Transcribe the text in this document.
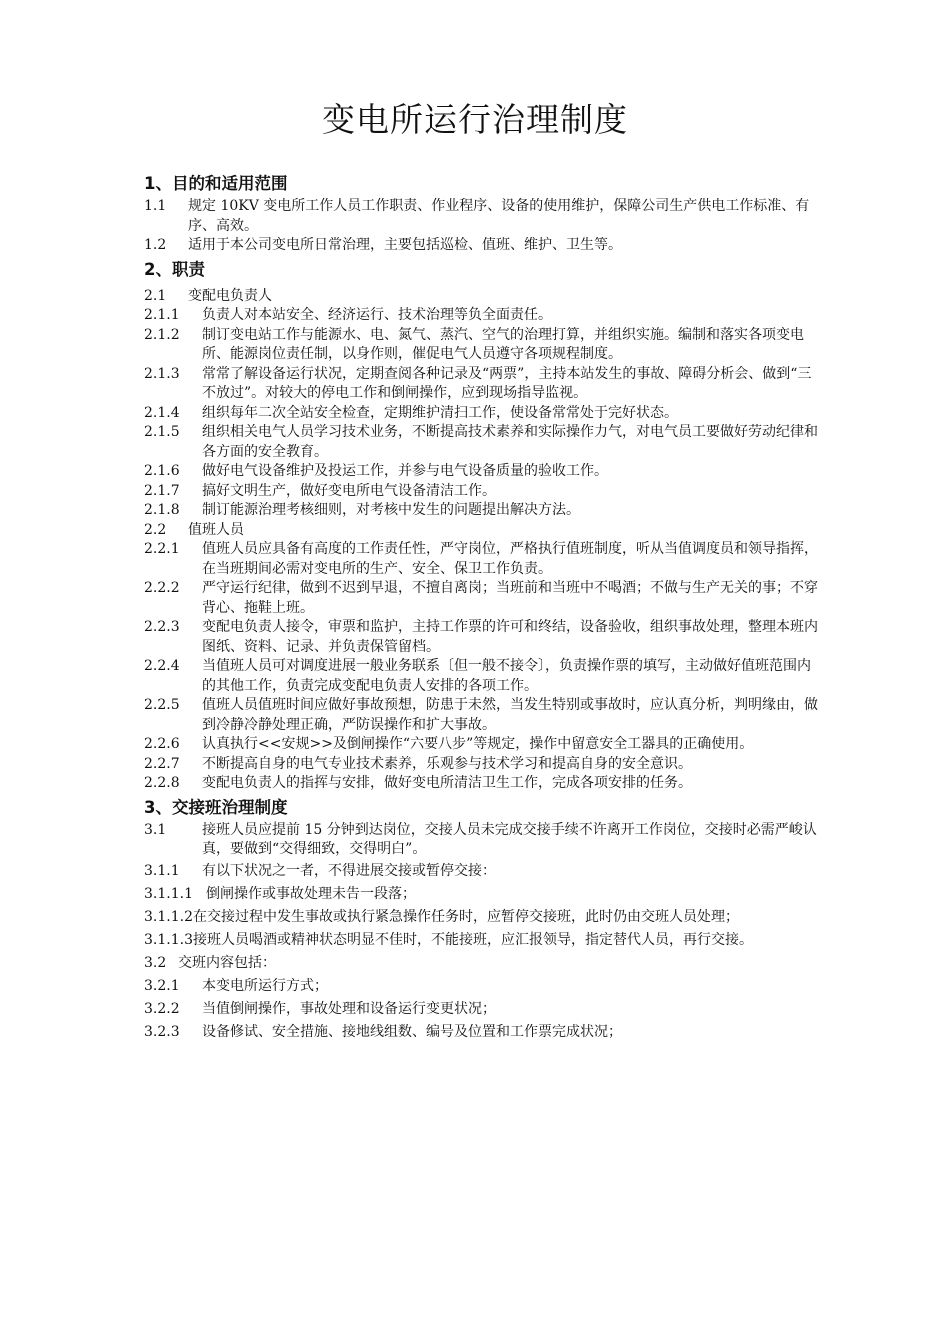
变电所运行治理制度
1、目的和适用范围
1.1	规定 10KV 变电所工作人员工作职责、作业程序、设备的使用维护，保障公司生产供电工作标准、有序、高效。
1.2	适用于本公司变电所日常治理，主要包括巡检、值班、维护、卫生等。
2、职责
2.1	变配电负责人
2.1.1	负责人对本站安全、经济运行、技术治理等负全面责任。
2.1.2	制订变电站工作与能源水、电、氮气、蒸汽、空气的治理打算，并组织实施。编制和落实各项变电所、能源岗位责任制，以身作则，催促电气人员遵守各项规程制度。
2.1.3	常常了解设备运行状况，定期查阅各种记录及“两票”，主持本站发生的事故、障碍分析会、做到“三不放过”。对较大的停电工作和倒闸操作，应到现场指导监视。
2.1.4	组织每年二次全站安全检查，定期维护清扫工作，使设备常常处于完好状态。
2.1.5	组织相关电气人员学习技术业务，不断提高技术素养和实际操作力气，对电气员工要做好劳动纪律和各方面的安全教育。
2.1.6	做好电气设备维护及投运工作，并参与电气设备质量的验收工作。
2.1.7	搞好文明生产，做好变电所电气设备清洁工作。
2.1.8	制订能源治理考核细则，对考核中发生的问题提出解决方法。
2.2	值班人员
2.2.1	值班人员应具备有高度的工作责任性，严守岗位，严格执行值班制度，听从当值调度员和领导指挥，在当班期间必需对变电所的生产、安全、保卫工作负责。
2.2.2	严守运行纪律，做到不迟到早退，不擅自离岗；当班前和当班中不喝酒；不做与生产无关的事；不穿背心、拖鞋上班。
2.2.3	变配电负责人接令，审票和监护，主持工作票的许可和终结，设备验收，组织事故处理，整理本班内图纸、资料、记录、并负责保管留档。
2.2.4	当值班人员可对调度进展一般业务联系〔但一般不接令〕，负责操作票的填写，主动做好值班范围内的其他工作，负责完成变配电负责人安排的各项工作。
2.2.5	值班人员值班时间应做好事故预想，防患于未然，当发生特别或事故时，应认真分析，判明缘由，做到冷静冷静处理正确，严防误操作和扩大事故。
2.2.6	认真执行<<安规>>及倒闸操作“六要八步”等规定，操作中留意安全工器具的正确使用。
2.2.7	不断提高自身的电气专业技术素养，乐观参与技术学习和提高自身的安全意识。
2.2.8	变配电负责人的指挥与安排，做好变电所清洁卫生工作，完成各项安排的任务。
3、交接班治理制度
3.1	接班人员应提前 15 分钟到达岗位，交接人员未完成交接手续不许离开工作岗位，交接时必需严峻认真，要做到“交得细致，交得明白”。
3.1.1	有以下状况之一者，不得进展交接或暂停交接：
3.1.1.1 倒闸操作或事故处理未告一段落；
3.1.1.2在交接过程中发生事故或执行紧急操作任务时，应暂停交接班，此时仍由交班人员处理；
3.1.1.3接班人员喝酒或精神状态明显不佳时，不能接班，应汇报领导，指定替代人员，再行交接。
3.2 交班内容包括：
3.2.1	本变电所运行方式；
3.2.2	当值倒闸操作，事故处理和设备运行变更状况；
3.2.3	设备修试、安全措施、接地线组数、编号及位置和工作票完成状况；
